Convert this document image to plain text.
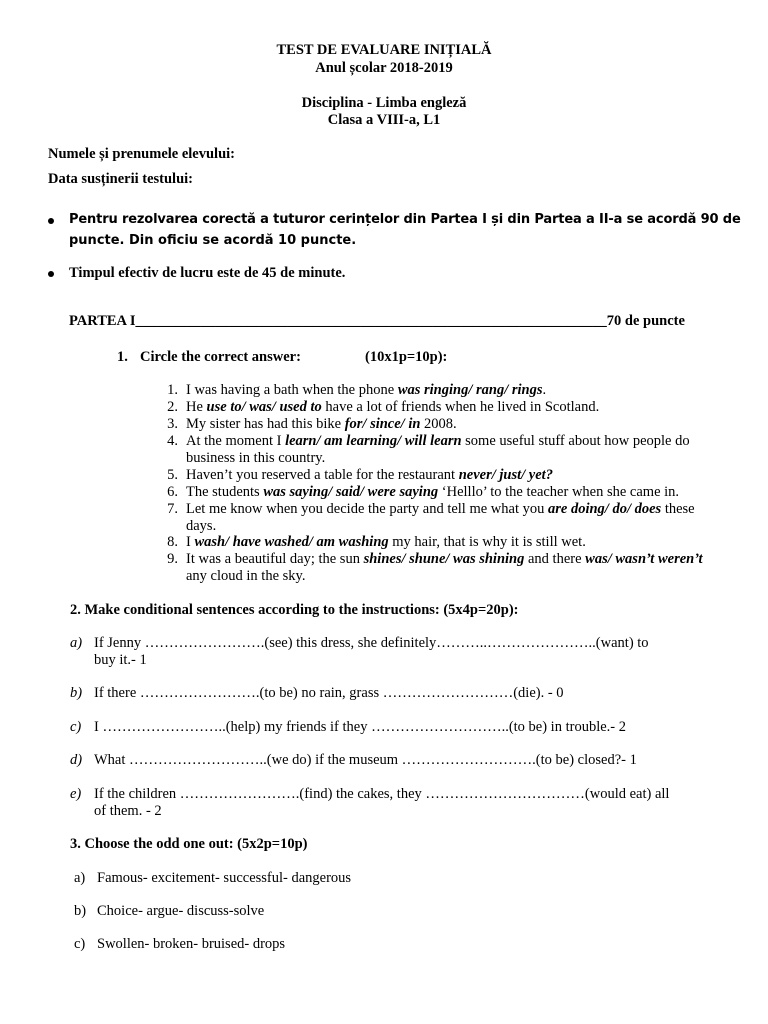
TEST DE EVALUARE INIȚIALĂ
Anul școlar 2018-2019
Disciplina - Limba engleză
Clasa a VIII-a, L1
Numele și prenumele elevului:
Data susținerii testului:
Pentru rezolvarea corectă a tuturor cerințelor din Partea I și din Partea a II-a se acordă 90 de
puncte. Din oficiu se acordă 10 puncte.
Timpul efectiv de lucru este de 45 de minute.
PARTEA I_________________________________________________________________70 de puncte
1. Circle the correct answer:	(10x1p=10p):
1. I was having a bath when the phone was ringing/ rang/ rings.
2. He use to/ was/ used to have a lot of friends when he lived in Scotland.
3. My sister has had this bike for/ since/ in 2008.
4. At the moment I learn/ am learning/ will learn some useful stuff about how people do business in this country.
5. Haven’t you reserved a table for the restaurant never/ just/ yet?
6. The students was saying/ said/ were saying ‘Helllo’ to the teacher when she came in.
7. Let me know when you decide the party and tell me what you are doing/ do/ does these days.
8. I wash/ have washed/ am washing my hair, that is why it is still wet.
9. It was a beautiful day; the sun shines/ shune/ was shining and there was/ wasn’t weren’t any cloud in the sky.
2. Make conditional sentences according to the instructions: (5x4p=20p):
a) If Jenny …………………….(see) this dress, she definitely………..…………………..(want) to
buy it.- 1
b) If there …………………….(to be) no rain, grass ………………………(die). - 0
c) I ……………………..(help) my friends if they ………………………..(to be) in trouble.- 2
d) What ………………………..(we do) if the museum ……………………….(to be) closed?- 1
e) If the children …………………….(find) the cakes, they ……………………………(would eat) all
of them. - 2
3. Choose the odd one out: (5x2p=10p)
a) Famous- excitement- successful- dangerous
b) Choice- argue- discuss-solve
c) Swollen- broken- bruised- drops
